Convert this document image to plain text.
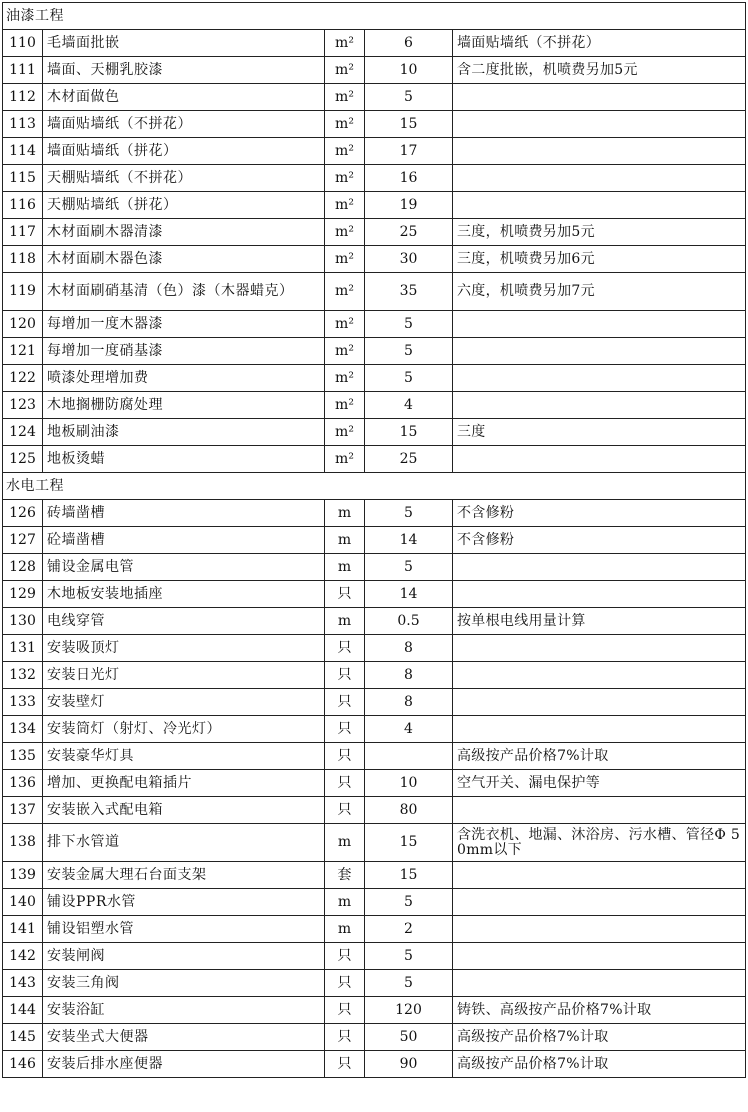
油漆工程				
110	毛墙面批嵌	m²	6	墙面贴墙纸（不拼花）
111	墙面、天棚乳胶漆	m²	10	含二度批嵌，机喷费另加5元
112	木材面做色	m²	5	
113	墙面贴墙纸（不拼花）	m²	15	
114	墙面贴墙纸（拼花）	m²	17	
115	天棚贴墙纸（不拼花）	m²	16	
116	天棚贴墙纸（拼花）	m²	19	
117	木材面刷木器清漆	m²	25	三度，机喷费另加5元
118	木材面刷木器色漆	m²	30	三度，机喷费另加6元
119	木材面刷硝基清（色）漆（木器蜡克）	m²	35	六度，机喷费另加7元
120	每增加一度木器漆	m²	5	
121	每增加一度硝基漆	m²	5	
122	喷漆处理增加费	m²	5	
123	木地搁栅防腐处理	m²	4	
124	地板刷油漆	m²	15	三度
125	地板烫蜡	m²	25	
水电工程				
126	砖墙凿槽	m	5	不含修粉
127	砼墙凿槽	m	14	不含修粉
128	铺设金属电管	m	5	
129	木地板安装地插座	只	14	
130	电线穿管	m	0.5	按单根电线用量计算
131	安装吸顶灯	只	8	
132	安装日光灯	只	8	
133	安装壁灯	只	8	
134	安装筒灯（射灯、冷光灯）	只	4	
135	安装豪华灯具	只		高级按产品价格7%计取
136	增加、更换配电箱插片	只	10	空气开关、漏电保护等
137	安装嵌入式配电箱	只	80	
138	排下水管道	m	15	含洗衣机、地漏、沐浴房、污水槽、管径Φ 50mm以下
139	安装金属大理石台面支架	套	15	
140	铺设PPR水管	m	5	
141	铺设铝塑水管	m	2	
142	安装闸阀	只	5	
143	安装三角阀	只	5	
144	安装浴缸	只	120	铸铁、高级按产品价格7%计取
145	安装坐式大便器	只	50	高级按产品价格7%计取
146	安装后排水座便器	只	90	高级按产品价格7%计取
